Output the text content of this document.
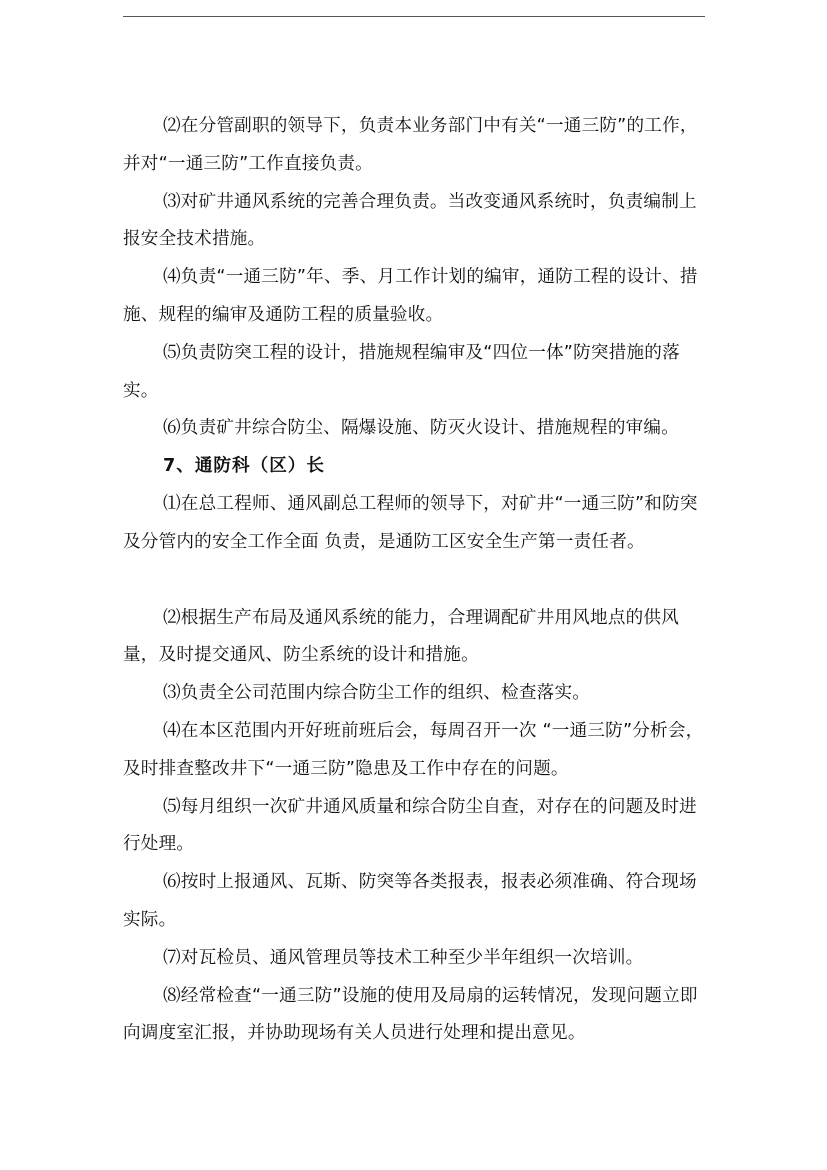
⑵在分管副职的领导下，负责本业务部门中有关“一通三防”的工作，并对“一通三防”工作直接负责。

⑶对矿井通风系统的完善合理负责。当改变通风系统时，负责编制上报安全技术措施。

⑷负责“一通三防”年、季、月工作计划的编审，通防工程的设计、措施、规程的编审及通防工程的质量验收。

⑸负责防突工程的设计，措施规程编审及“四位一体”防突措施的落实。

⑹负责矿井综合防尘、隔爆设施、防灭火设计、措施规程的审编。

7、通防科（区）长

⑴在总工程师、通风副总工程师的领导下，对矿井“一通三防”和防突及分管内的安全工作全面 负责，是通防工区安全生产第一责任者。

⑵根据生产布局及通风系统的能力，合理调配矿井用风地点的供风量，及时提交通风、防尘系统的设计和措施。

⑶负责全公司范围内综合防尘工作的组织、检查落实。

⑷在本区范围内开好班前班后会，每周召开一次 “一通三防”分析会，及时排查整改井下“一通三防”隐患及工作中存在的问题。

⑸每月组织一次矿井通风质量和综合防尘自查，对存在的问题及时进行处理。

⑹按时上报通风、瓦斯、防突等各类报表，报表必须准确、符合现场实际。

⑺对瓦检员、通风管理员等技术工种至少半年组织一次培训。

⑻经常检查“一通三防”设施的使用及局扇的运转情况，发现问题立即向调度室汇报，并协助现场有关人员进行处理和提出意见。
